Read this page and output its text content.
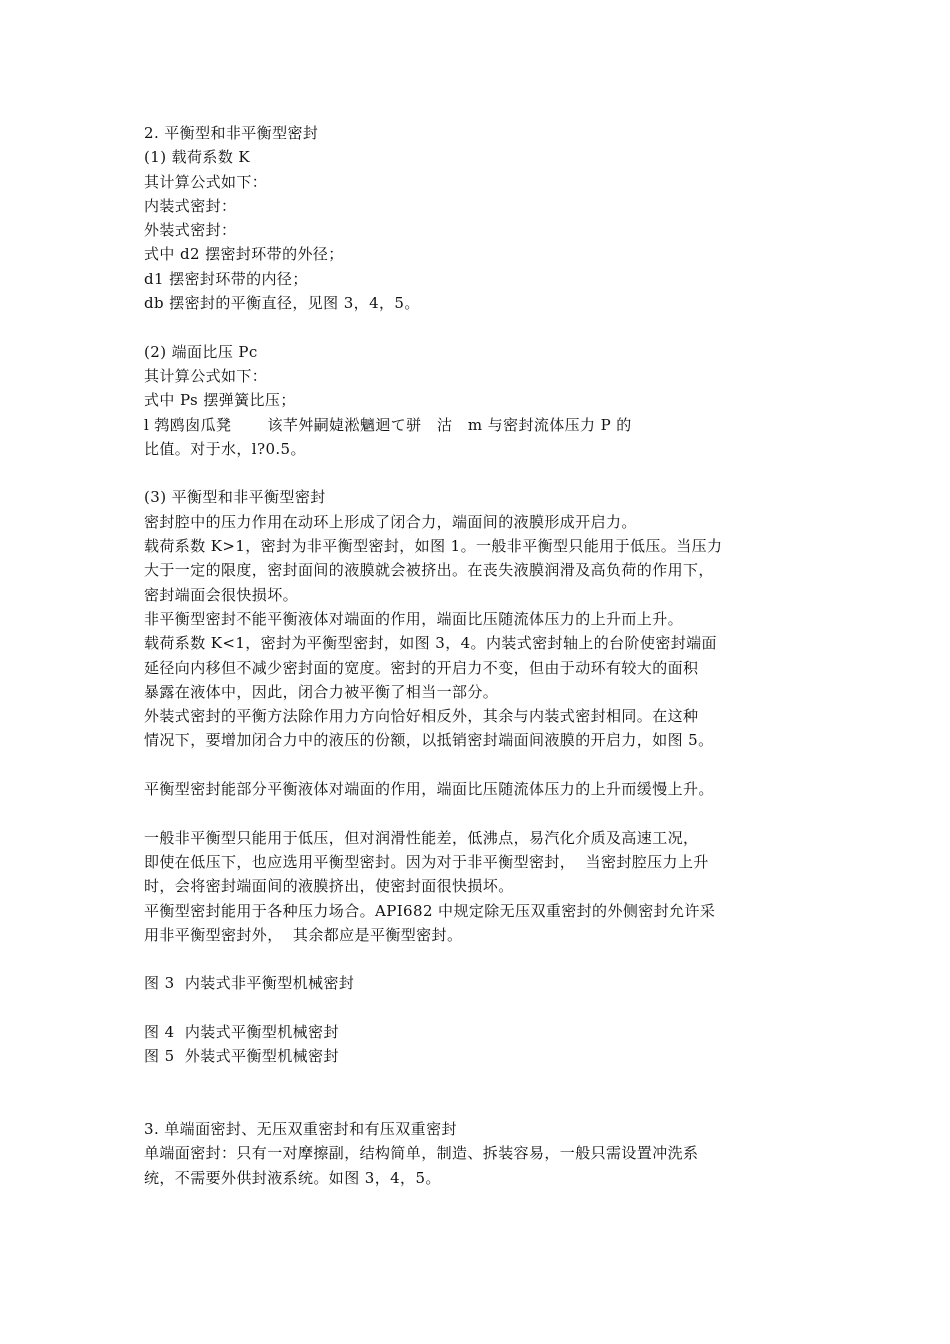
2. 平衡型和非平衡型密封
(1) 载荷系数 K
其计算公式如下：
内装式密封：
外装式密封：
式中 d2 摆密封环带的外径；
d1 摆密封环带的内径；
db 摆密封的平衡直径，见图 3，4，5。
(2) 端面比压 Pc
其计算公式如下：
式中 Ps 摆弹簧比压；
l 鹁鸥囱瓜凳       该芊舛嗣媫淞魑迴て骈　沽   m 与密封流体压力 P 的
比值。对于水，l?0.5。
(3) 平衡型和非平衡型密封
密封腔中的压力作用在动环上形成了闭合力，端面间的液膜形成开启力。
载荷系数 K>1，密封为非平衡型密封，如图 1。一般非平衡型只能用于低压。当压力
大于一定的限度，密封面间的液膜就会被挤出。在丧失液膜润滑及高负荷的作用下，
密封端面会很快损坏。
非平衡型密封不能平衡液体对端面的作用，端面比压随流体压力的上升而上升。
载荷系数 K<1，密封为平衡型密封，如图 3，4。内装式密封轴上的台阶使密封端面
延径向内移但不减少密封面的宽度。密封的开启力不变，但由于动环有较大的面积
暴露在液体中，因此，闭合力被平衡了相当一部分。
外装式密封的平衡方法除作用力方向恰好相反外，其余与内装式密封相同。在这种
情况下，要增加闭合力中的液压的份额，以抵销密封端面间液膜的开启力，如图 5。
平衡型密封能部分平衡液体对端面的作用，端面比压随流体压力的上升而缓慢上升。
一般非平衡型只能用于低压，但对润滑性能差，低沸点，易汽化介质及高速工况，
即使在低压下，也应选用平衡型密封。因为对于非平衡型密封，  当密封腔压力上升
时，会将密封端面间的液膜挤出，使密封面很快损坏。
平衡型密封能用于各种压力场合。API682 中规定除无压双重密封的外侧密封允许采
用非平衡型密封外，  其余都应是平衡型密封。
图 3  内装式非平衡型机械密封
图 4  内装式平衡型机械密封
图 5  外装式平衡型机械密封
3. 单端面密封、无压双重密封和有压双重密封
单端面密封：只有一对摩擦副，结构简单，制造、拆装容易，一般只需设置冲洗系
统，不需要外供封液系统。如图 3，4，5。
